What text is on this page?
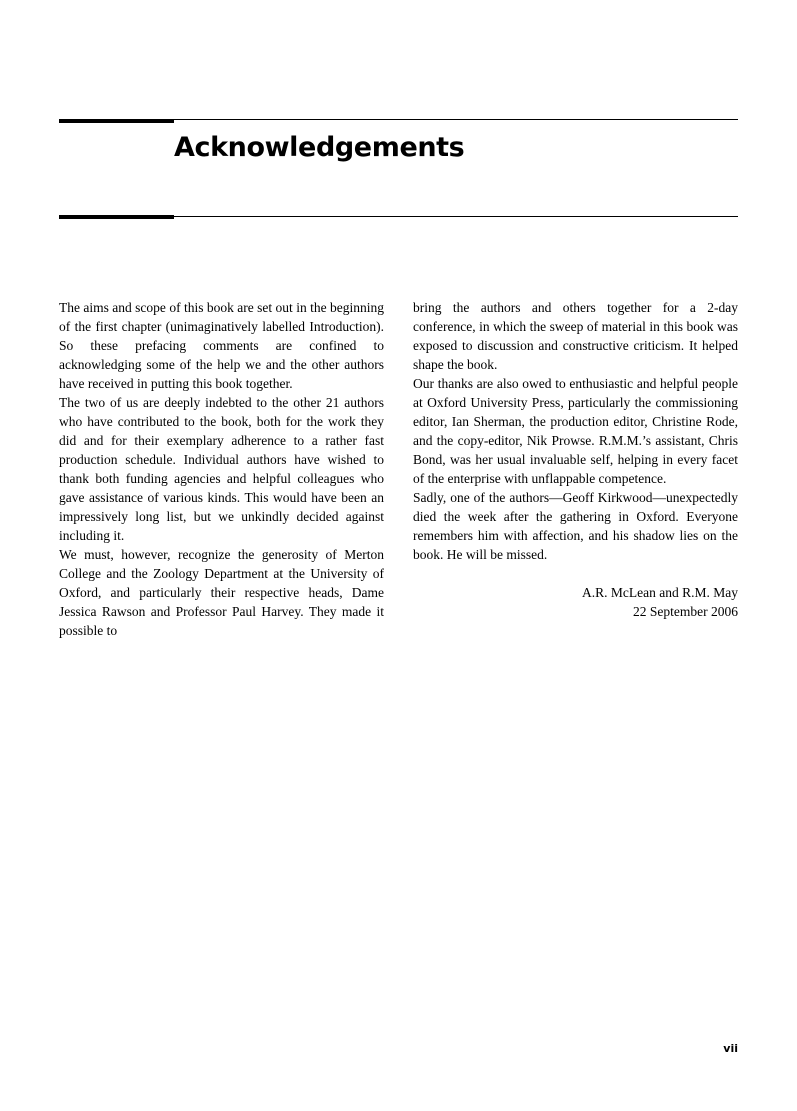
Acknowledgements

The aims and scope of this book are set out in the beginning of the first chapter (unimaginatively labelled Introduction). So these prefacing comments are confined to acknowledging some of the help we and the other authors have received in putting this book together.

The two of us are deeply indebted to the other 21 authors who have contributed to the book, both for the work they did and for their exemplary adherence to a rather fast production schedule. Individual authors have wished to thank both funding agencies and helpful colleagues who gave assistance of various kinds. This would have been an impressively long list, but we unkindly decided against including it.

We must, however, recognize the generosity of Merton College and the Zoology Department at the University of Oxford, and particularly their respective heads, Dame Jessica Rawson and Professor Paul Harvey. They made it possible to

bring the authors and others together for a 2-day conference, in which the sweep of material in this book was exposed to discussion and constructive criticism. It helped shape the book.

Our thanks are also owed to enthusiastic and helpful people at Oxford University Press, particularly the commissioning editor, Ian Sherman, the production editor, Christine Rode, and the copy-editor, Nik Prowse. R.M.M.’s assistant, Chris Bond, was her usual invaluable self, helping in every facet of the enterprise with unflappable competence.

Sadly, one of the authors—Geoff Kirkwood—unexpectedly died the week after the gathering in Oxford. Everyone remembers him with affection, and his shadow lies on the book. He will be missed.

A.R. McLean and R.M. May
22 September 2006
vii
